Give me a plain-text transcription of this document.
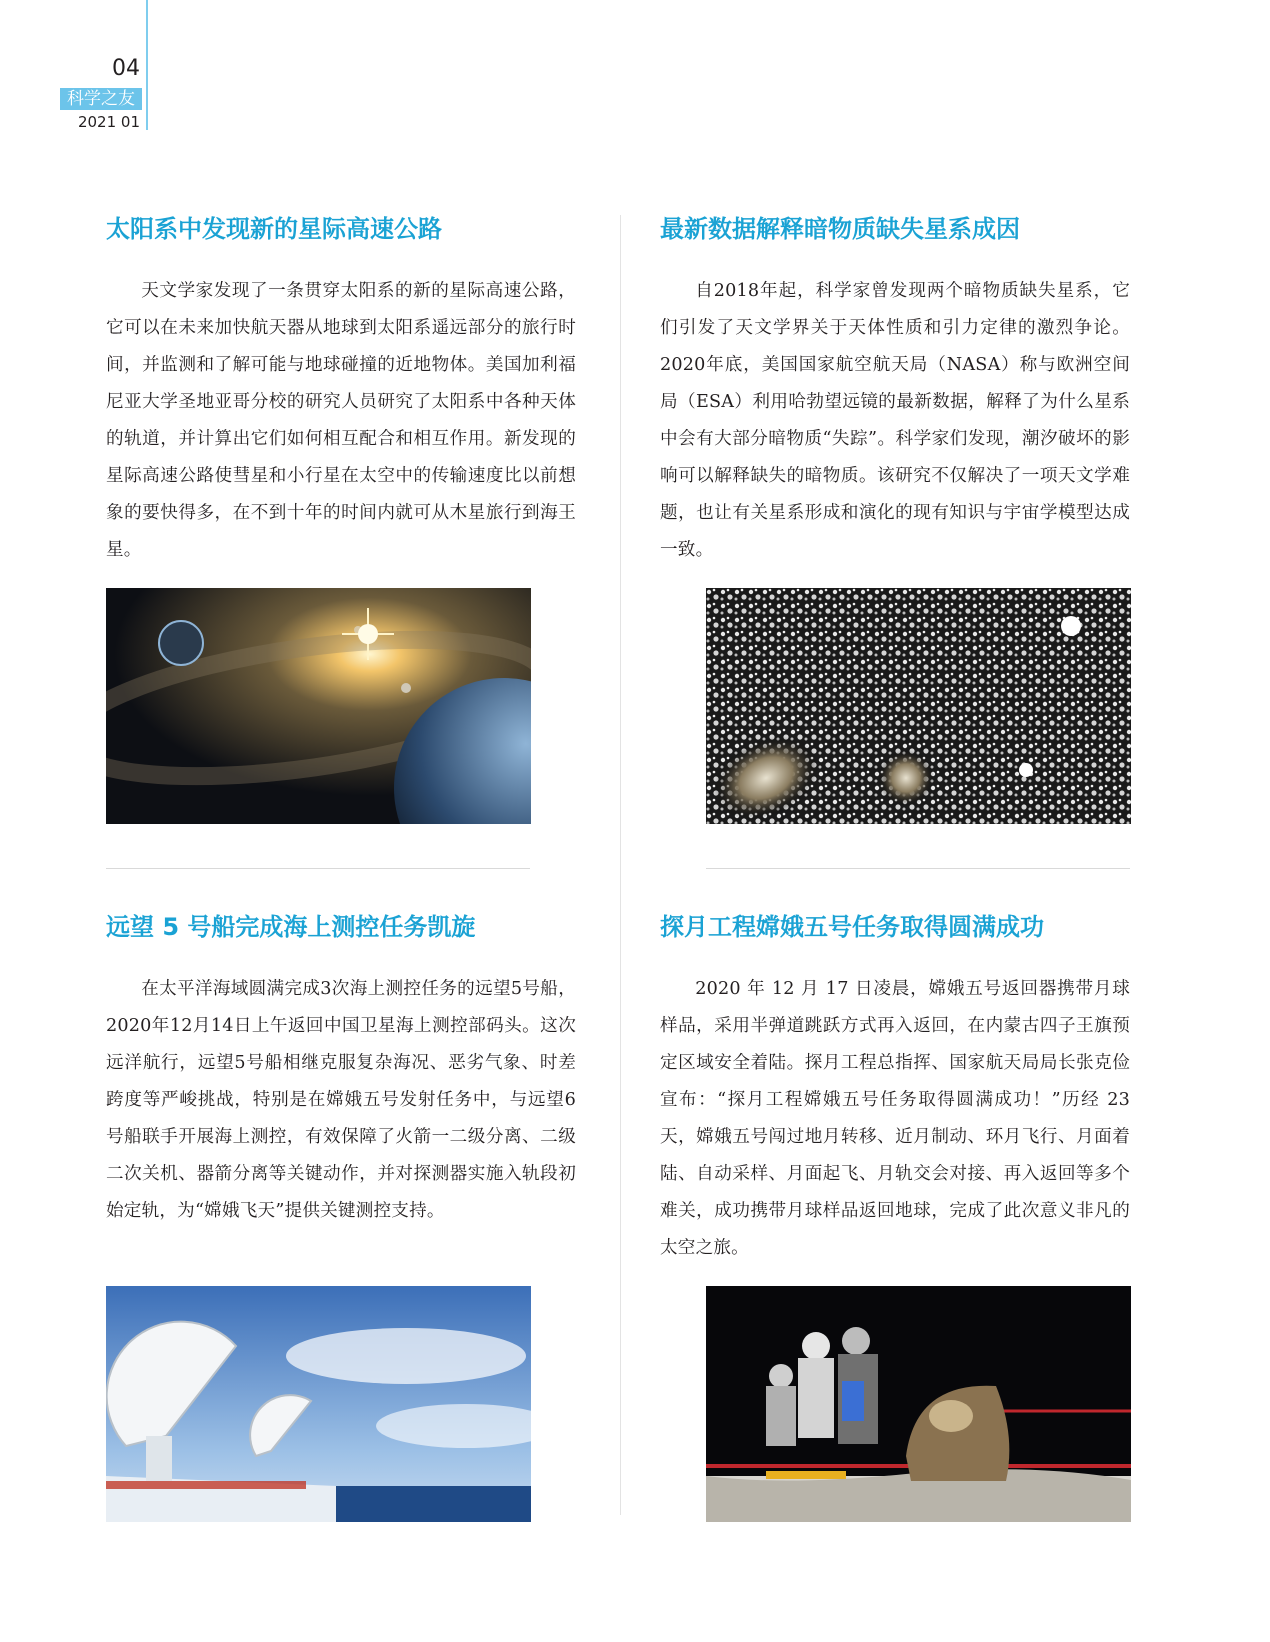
04
科学之友
2021 01
太阳系中发现新的星际高速公路

天文学家发现了一条贯穿太阳系的新的星际高速公路，它可以在未来加快航天器从地球到太阳系遥远部分的旅行时间，并监测和了解可能与地球碰撞的近地物体。美国加利福尼亚大学圣地亚哥分校的研究人员研究了太阳系中各种天体的轨道，并计算出它们如何相互配合和相互作用。新发现的星际高速公路使彗星和小行星在太空中的传输速度比以前想象的要快得多，在不到十年的时间内就可从木星旅行到海王星。

最新数据解释暗物质缺失星系成因

自2018年起，科学家曾发现两个暗物质缺失星系，它们引发了天文学界关于天体性质和引力定律的激烈争论。2020年底，美国国家航空航天局（NASA）称与欧洲空间局（ESA）利用哈勃望远镜的最新数据，解释了为什么星系中会有大部分暗物质“失踪”。科学家们发现，潮汐破坏的影响可以解释缺失的暗物质。该研究不仅解决了一项天文学难题，也让有关星系形成和演化的现有知识与宇宙学模型达成一致。

远望 5 号船完成海上测控任务凯旋

在太平洋海域圆满完成3次海上测控任务的远望5号船，2020年12月14日上午返回中国卫星海上测控部码头。这次远洋航行，远望5号船相继克服复杂海况、恶劣气象、时差跨度等严峻挑战，特别是在嫦娥五号发射任务中，与远望6号船联手开展海上测控，有效保障了火箭一二级分离、二级二次关机、器箭分离等关键动作，并对探测器实施入轨段初始定轨，为“嫦娥飞天”提供关键测控支持。

探月工程嫦娥五号任务取得圆满成功

2020 年 12 月 17 日凌晨，嫦娥五号返回器携带月球样品，采用半弹道跳跃方式再入返回，在内蒙古四子王旗预定区域安全着陆。探月工程总指挥、国家航天局局长张克俭宣布：“探月工程嫦娥五号任务取得圆满成功！”历经 23 天，嫦娥五号闯过地月转移、近月制动、环月飞行、月面着陆、自动采样、月面起飞、月轨交会对接、再入返回等多个难关，成功携带月球样品返回地球，完成了此次意义非凡的太空之旅。
